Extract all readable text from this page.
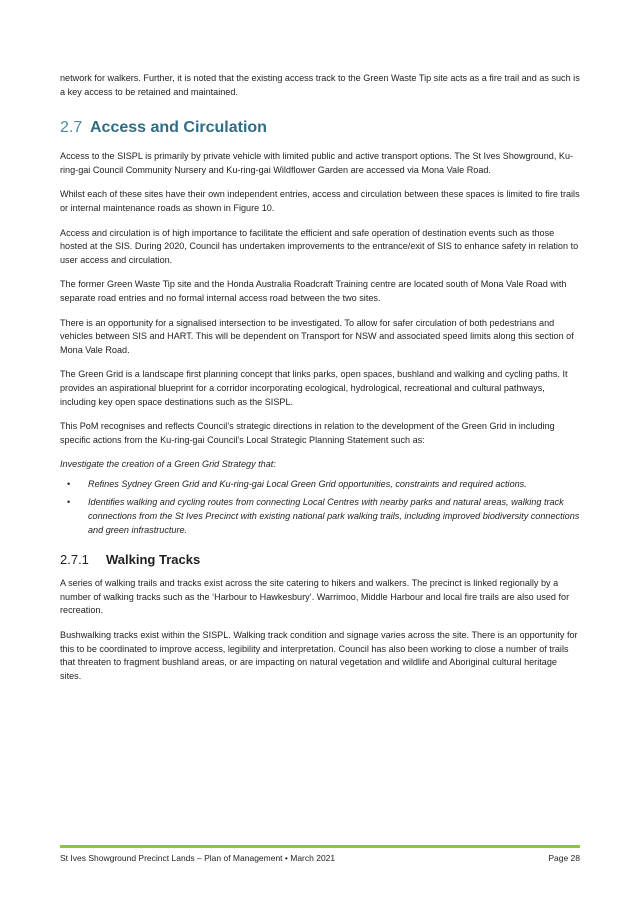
network for walkers. Further, it is noted that the existing access track to the Green Waste Tip site acts as a fire trail and as such is a key access to be retained and maintained.

2.7 Access and Circulation

Access to the SISPL is primarily by private vehicle with limited public and active transport options. The St Ives Showground, Ku-ring-gai Council Community Nursery and Ku-ring-gai Wildflower Garden are accessed via Mona Vale Road.

Whilst each of these sites have their own independent entries, access and circulation between these spaces is limited to fire trails or internal maintenance roads as shown in Figure 10.

Access and circulation is of high importance to facilitate the efficient and safe operation of destination events such as those hosted at the SIS. During 2020, Council has undertaken improvements to the entrance/exit of SIS to enhance safety in relation to user access and circulation.

The former Green Waste Tip site and the Honda Australia Roadcraft Training centre are located south of Mona Vale Road with separate road entries and no formal internal access road between the two sites.

There is an opportunity for a signalised intersection to be investigated. To allow for safer circulation of both pedestrians and vehicles between SIS and HART. This will be dependent on Transport for NSW and associated speed limits along this section of Mona Vale Road.

The Green Grid is a landscape first planning concept that links parks, open spaces, bushland and walking and cycling paths. It provides an aspirational blueprint for a corridor incorporating ecological, hydrological, recreational and cultural pathways, including key open space destinations such as the SISPL.

This PoM recognises and reflects Council’s strategic directions in relation to the development of the Green Grid in including specific actions from the Ku-ring-gai Council’s Local Strategic Planning Statement such as:

Investigate the creation of a Green Grid Strategy that:

• Refines Sydney Green Grid and Ku-ring-gai Local Green Grid opportunities, constraints and required actions.
• Identifies walking and cycling routes from connecting Local Centres with nearby parks and natural areas, walking track connections from the St Ives Precinct with existing national park walking trails, including improved biodiversity connections and green infrastructure.
2.7.1	Walking Tracks

A series of walking trails and tracks exist across the site catering to hikers and walkers. The precinct is linked regionally by a number of walking tracks such as the ‘Harbour to Hawkesbury’. Warrimoo, Middle Harbour and local fire trails are also used for recreation.

Bushwalking tracks exist within the SISPL. Walking track condition and signage varies across the site. There is an opportunity for this to be coordinated to improve access, legibility and interpretation. Council has also been working to close a number of trails that threaten to fragment bushland areas, or are impacting on natural vegetation and wildlife and Aboriginal cultural heritage sites.

St Ives Showground Precinct Lands – Plan of Management • March 2021	Page 28
